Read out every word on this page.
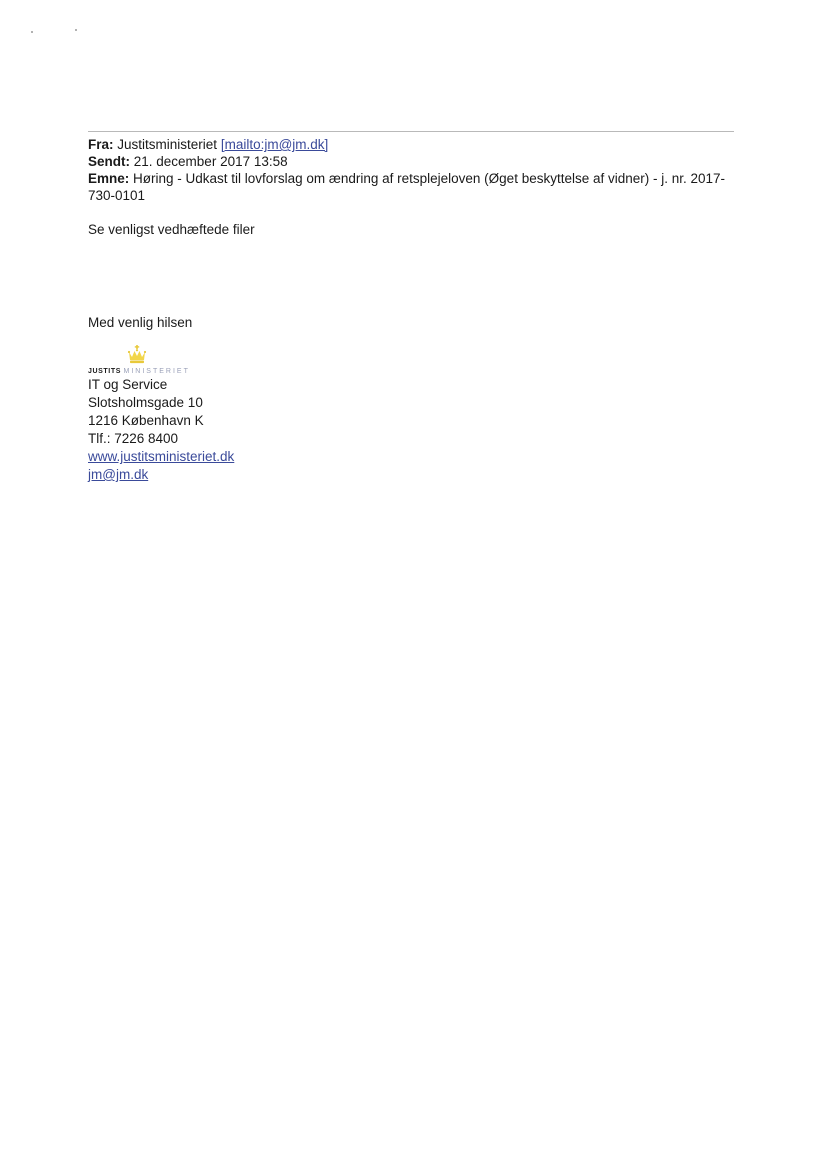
Fra: Justitsministeriet [mailto:jm@jm.dk]
Sendt: 21. december 2017 13:58
Emne: Høring - Udkast til lovforslag om ændring af retsplejeloven (Øget beskyttelse af vidner) - j. nr. 2017-730-0101
Se venligst vedhæftede filer
Med venlig hilsen
JUSTITS MINISTERIET
IT og Service
Slotsholmsgade 10
1216 København K
Tlf.: 7226 8400
www.justitsministeriet.dk
jm@jm.dk
